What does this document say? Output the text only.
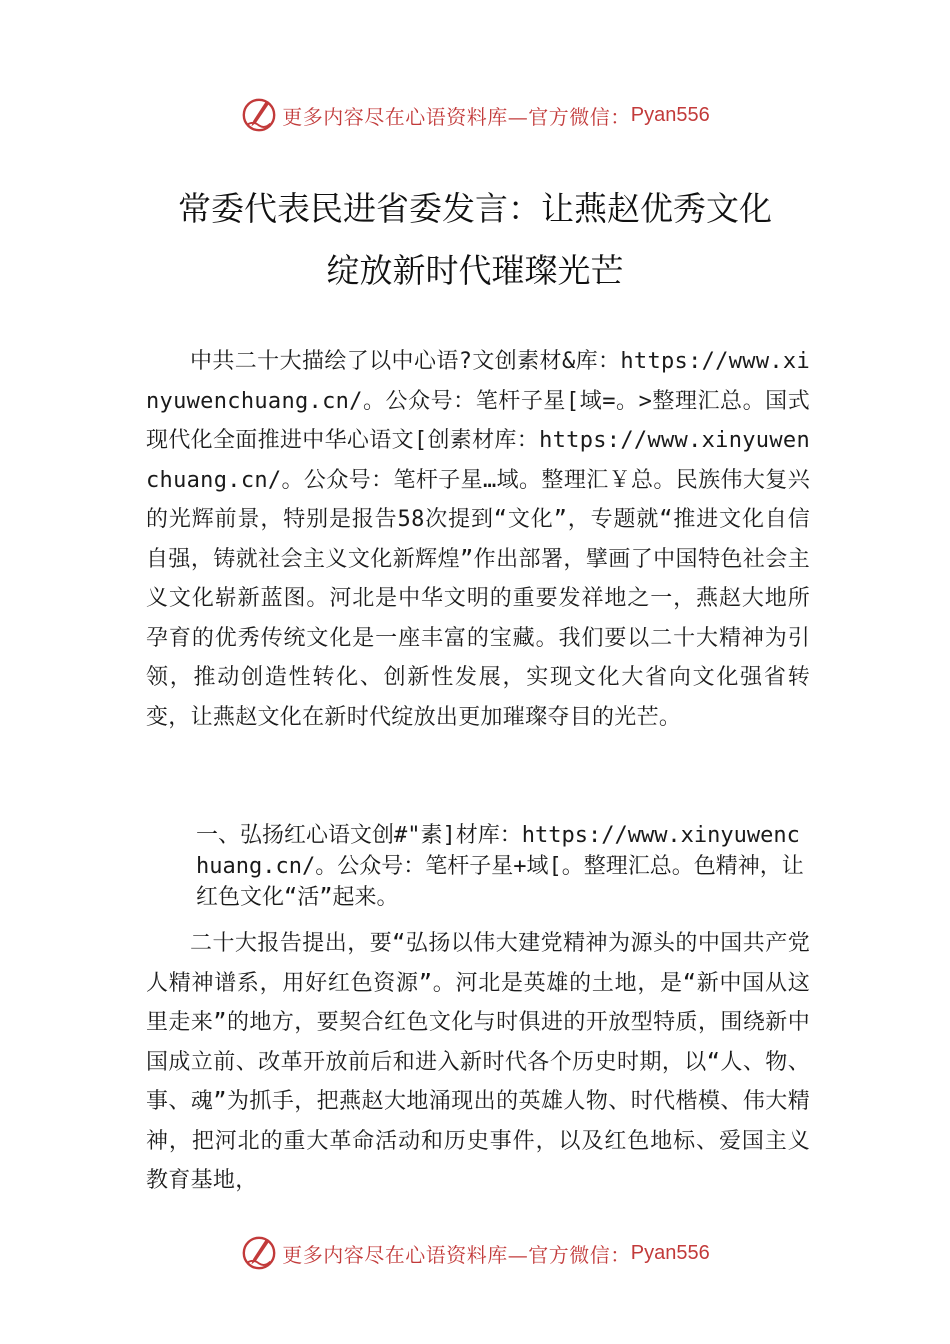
更多内容尽在心语资料库—官方微信： Pyan556
常委代表民进省委发言：让燕赵优秀文化
绽放新时代璀璨光芒

中共二十大描绘了以中心语?文创素材&库：https://www.xinyuwenchuang.cn/。公众号：笔杆子星[域=。>整理汇总。国式现代化全面推进中华心语文[创素材库：https://www.xinyuwenchuang.cn/。公众号：笔杆子星…域。整理汇￥总。民族伟大复兴的光辉前景，特别是报告58次提到“文化”，专题就“推进文化自信自强，铸就社会主义文化新辉煌”作出部署，擘画了中国特色社会主义文化崭新蓝图。河北是中华文明的重要发祥地之一，燕赵大地所孕育的优秀传统文化是一座丰富的宝藏。我们要以二十大精神为引领，推动创造性转化、创新性发展，实现文化大省向文化强省转变，让燕赵文化在新时代绽放出更加璀璨夺目的光芒。

一、弘扬红心语文创#"素]材库：https://www.xinyuwenchuang.cn/。公众号：笔杆子星+域[。整理汇总。色精神，让红色文化“活”起来。

二十大报告提出，要“弘扬以伟大建党精神为源头的中国共产党人精神谱系，用好红色资源”。河北是英雄的土地，是“新中国从这里走来”的地方，要契合红色文化与时俱进的开放型特质，围绕新中国成立前、改革开放前后和进入新时代各个历史时期，以“人、物、事、魂”为抓手，把燕赵大地涌现出的英雄人物、时代楷模、伟大精神，把河北的重大革命活动和历史事件，以及红色地标、爱国主义教育基地，

更多内容尽在心语资料库—官方微信： Pyan556
